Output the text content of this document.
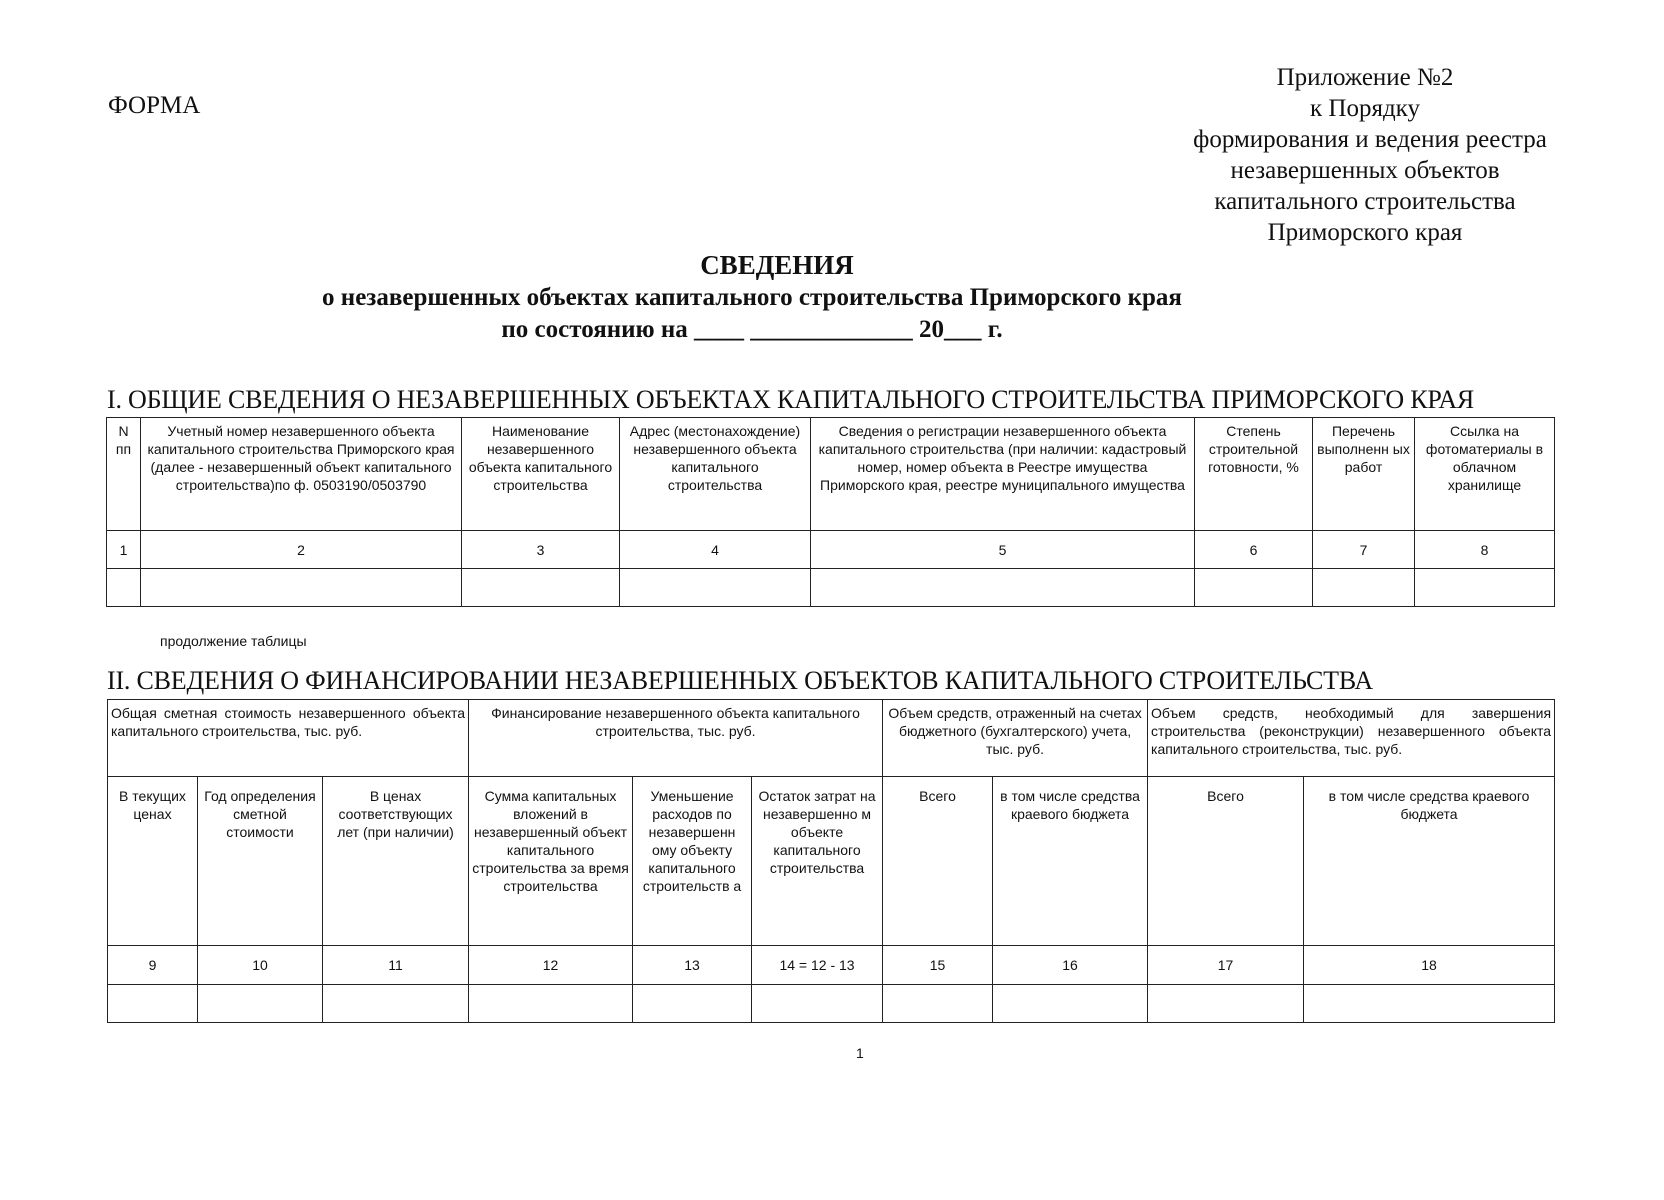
ФОРМА
Приложение №2
к Порядку
формирования и ведения реестра
незавершенных объектов
капитального строительства
Приморского края
СВЕДЕНИЯ
о незавершенных объектах капитального строительства Приморского края
по состоянию на ____ _____________ 20___ г.
I. ОБЩИЕ СВЕДЕНИЯ О НЕЗАВЕРШЕННЫХ ОБЪЕКТАХ КАПИТАЛЬНОГО СТРОИТЕЛЬСТВА ПРИМОРСКОГО КРАЯ
N пп	Учетный номер незавершенного объекта капитального строительства Приморского края (далее - незавершенный объект капитального строительства)по ф. 0503190/0503790	Наименование незавершенного объекта капитального строительства	Адрес (местонахождение) незавершенного объекта капитального строительства	Сведения о регистрации незавершенного объекта капитального строительства (при наличии: кадастровый номер, номер объекта в Реестре имущества Приморского края, реестре муниципального имущества	Степень строительной готовности, %	Перечень выполненн ых работ	Ссылка на фотоматериалы в облачном хранилище
1	2	3	4	5	6	7	8

продолжение таблицы
II. СВЕДЕНИЯ О ФИНАНСИРОВАНИИ НЕЗАВЕРШЕННЫХ ОБЪЕКТОВ КАПИТАЛЬНОГО СТРОИТЕЛЬСТВА
Общая сметная стоимость незавершенного объекта капитального строительства, тыс. руб.			Финансирование незавершенного объекта капитального строительства, тыс. руб.			Объем средств, отраженный на счетах бюджетного (бухгалтерского) учета, тыс. руб.		Объем средств, необходимый для завершения строительства (реконструкции) незавершенного объекта капитального строительства, тыс. руб.	
В текущих ценах	Год определения сметной стоимости	В ценах соответствующих лет (при наличии)	Сумма капитальных вложений в незавершенный объект капитального строительства за время строительства	Уменьшение расходов по незавершенн ому объекту капитального строительств а	Остаток затрат на незавершенно м объекте капитального строительства	Всего	в том числе средства краевого бюджета	Всего	в том числе средства краевого бюджета
9	10	11	12	13	14 = 12 - 13	15	16	17	18

1
